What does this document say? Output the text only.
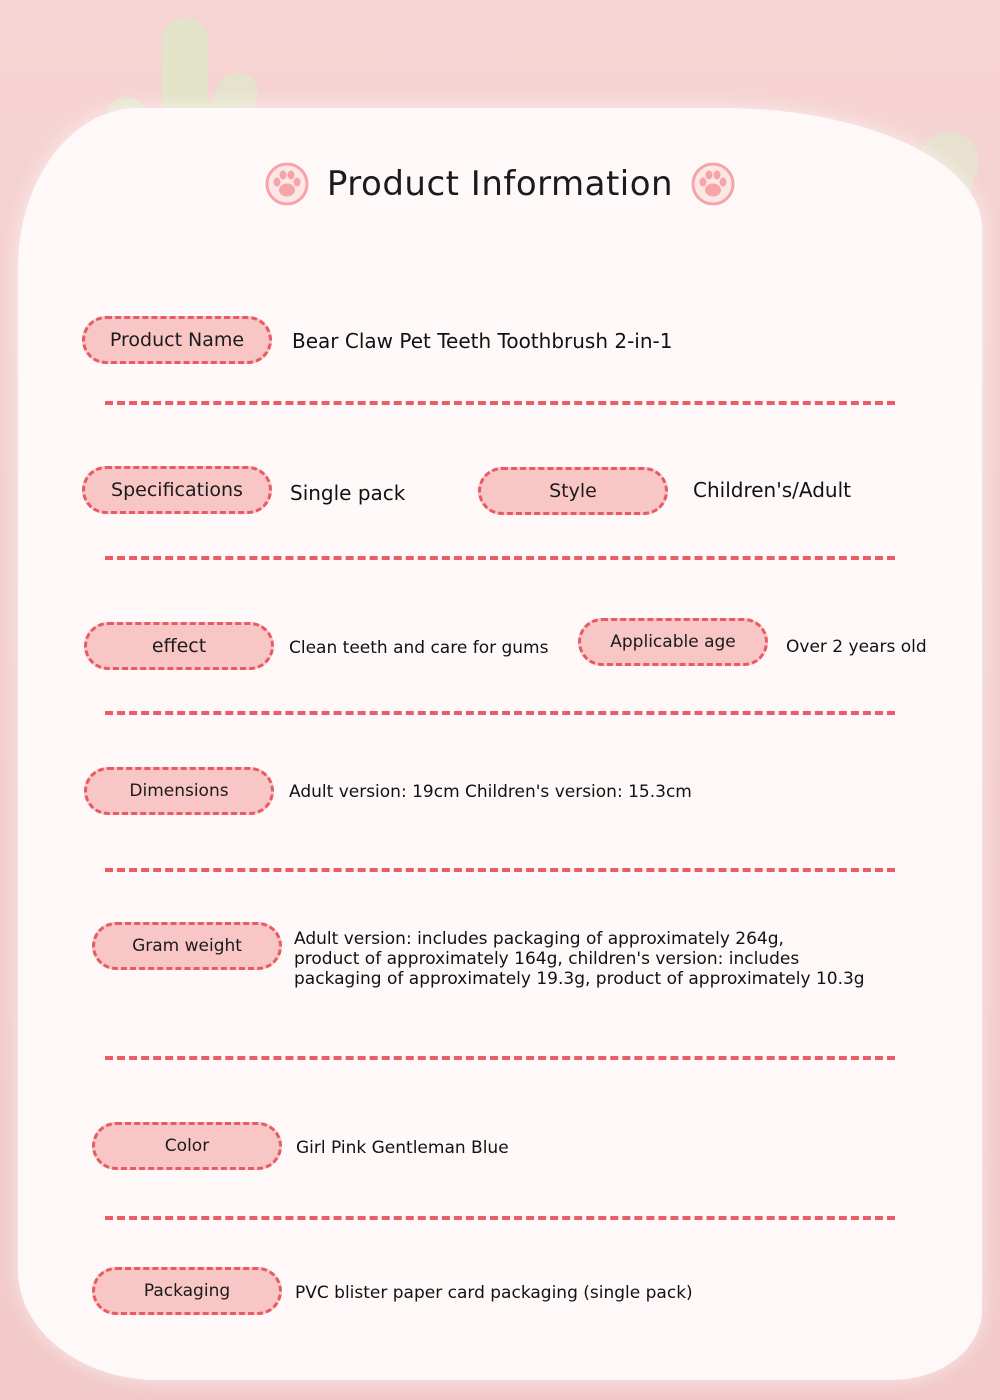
Product Information
Product Name Bear Claw Pet Teeth Toothbrush 2-in-1
Specifications Single pack	Style	Children's/Adult
effect	Clean teeth and care for gums	Applicable age	Over 2 years old
Dimensions	Adult version: 19cm Children's version: 15.3cm
Gram weight	Adult version: includes packaging of approximately 264g,
product of approximately 164g, children's version: includes
packaging of approximately 19.3g, product of approximately 10.3g
Color	Girl Pink Gentleman Blue
Packaging	PVC blister paper card packaging (single pack)
